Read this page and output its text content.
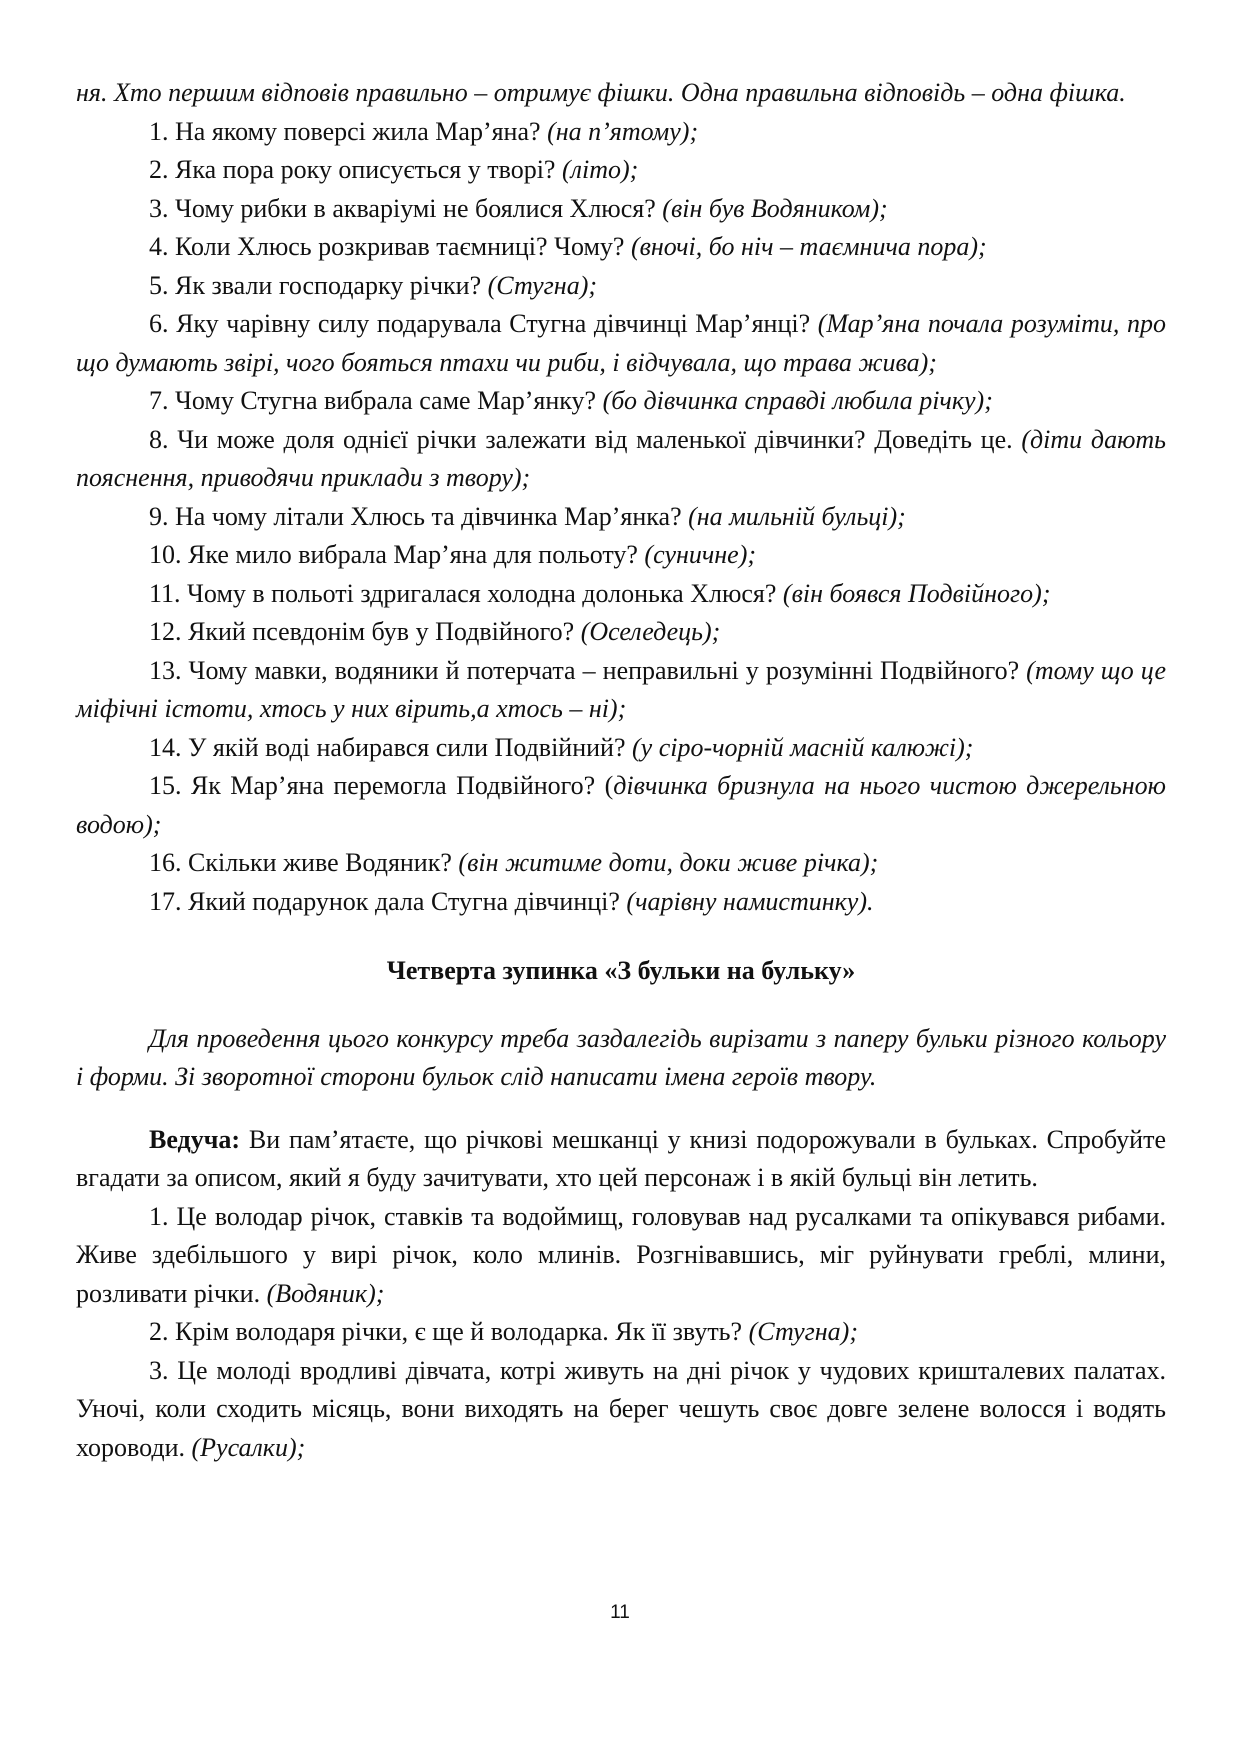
ня. Хто першим відповів правильно – отримує фішки. Одна правильна відповідь – одна фішка.

1. На якому поверсі жила Мар’яна? (на п’ятому);

2. Яка пора року описується у творі? (літо);

3. Чому рибки в акваріумі не боялися Хлюся? (він був Водяником);

4. Коли Хлюсь розкривав таємниці? Чому? (вночі, бо ніч – таємнича пора);

5. Як звали господарку річки? (Стугна);

6. Яку чарівну силу подарувала Стугна дівчинці Мар’янці? (Мар’яна почала розуміти, про що думають звірі, чого бояться птахи чи риби, і відчувала, що трава жива);

7. Чому Стугна вибрала саме Мар’янку? (бо дівчинка справді любила річку);

8. Чи може доля однієї річки залежати від маленької дівчинки? Доведіть це. (діти дають пояснення, приводячи приклади з твору);

9. На чому літали Хлюсь та дівчинка Мар’янка? (на мильній бульці);

10. Яке мило вибрала Мар’яна для польоту? (суничне);

11. Чому в польоті здригалася холодна долонька Хлюся? (він боявся Подвійного);

12. Який псевдонім був у Подвійного? (Оселедець);

13. Чому мавки, водяники й потерчата – неправильні у розумінні Подвійного? (тому що це міфічні істоти, хтось у них вірить,а хтось – ні);

14. У якій воді набирався сили Подвійний? (у сіро-чорній масній калюжі);

15. Як Мар’яна перемогла Подвійного? (дівчинка бризнула на нього чистою джерельною водою);

16. Скільки живе Водяник? (він житиме доти, доки живе річка);

17. Який подарунок дала Стугна дівчинці? (чарівну намистинку).

Четверта зупинка «З бульки на бульку»

Для проведення цього конкурсу треба заздалегідь вирізати з паперу бульки різного кольору і форми. Зі зворотної сторони бульок слід написати імена героїв твору.

Ведуча: Ви пам’ятаєте, що річкові мешканці у книзі подорожували в бульках. Спробуйте вгадати за описом, який я буду зачитувати, хто цей персонаж і в якій бульці він летить.

1. Це володар річок, ставків та водоймищ, головував над русалками та опікувався рибами. Живе здебільшого у вирі річок, коло млинів. Розгнівавшись, міг руйнувати греблі, млини, розливати річки. (Водяник);

2. Крім володаря річки, є ще й володарка. Як її звуть? (Стугна);

3. Це молоді вродливі дівчата, котрі живуть на дні річок у чудових кришталевих палатах. Уночі, коли сходить місяць, вони виходять на берег чешуть своє довге зелене волосся і водять хороводи. (Русалки);

11
